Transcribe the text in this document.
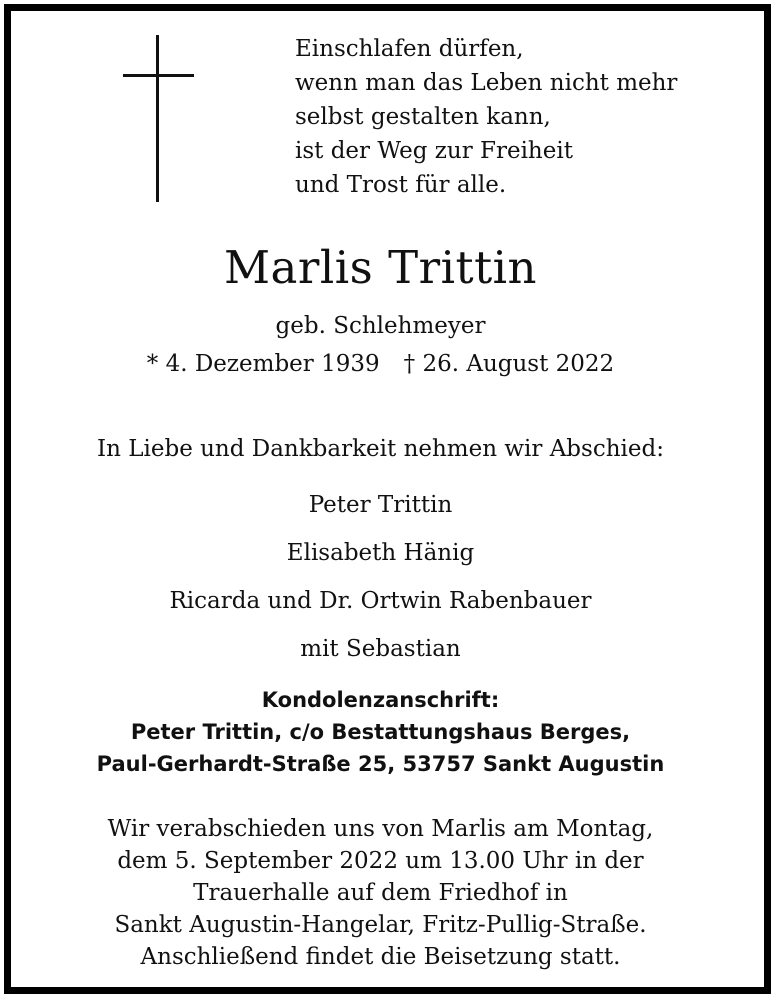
Einschlafen dürfen,
wenn man das Leben nicht mehr
selbst gestalten kann,
ist der Weg zur Freiheit
und Trost für alle.
Marlis Trittin
geb. Schlehmeyer
* 4. Dezember 1939 † 26. August 2022
In Liebe und Dankbarkeit nehmen wir Abschied:
Peter Trittin
Elisabeth Hänig
Ricarda und Dr. Ortwin Rabenbauer
mit Sebastian
Kondolenzanschrift:
Peter Trittin, c/o Bestattungshaus Berges,
Paul-Gerhardt-Straße 25, 53757 Sankt Augustin
Wir verabschieden uns von Marlis am Montag,
dem 5. September 2022 um 13.00 Uhr in der
Trauerhalle auf dem Friedhof in
Sankt Augustin-Hangelar, Fritz-Pullig-Straße.
Anschließend findet die Beisetzung statt.
